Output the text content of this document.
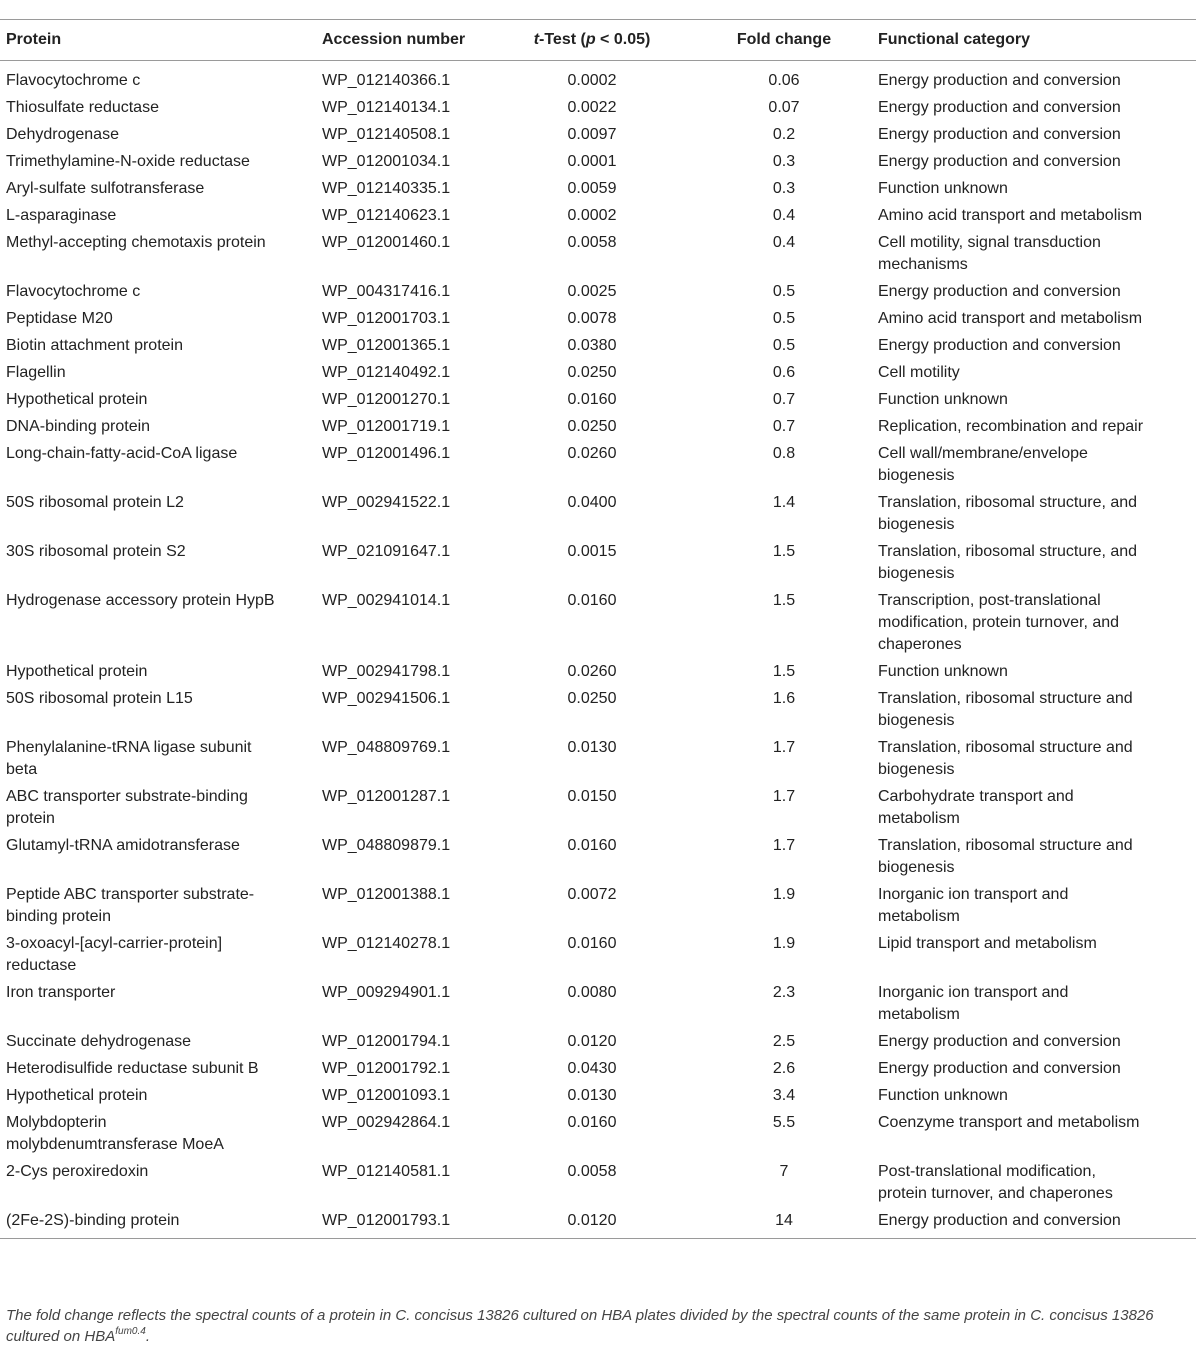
Protein	Accession number	t-Test (p < 0.05)	Fold change	Functional category
Flavocytochrome c	WP_012140366.1	0.0002	0.06	Energy production and conversion
Thiosulfate reductase	WP_012140134.1	0.0022	0.07	Energy production and conversion
Dehydrogenase	WP_012140508.1	0.0097	0.2	Energy production and conversion
Trimethylamine-N-oxide reductase	WP_012001034.1	0.0001	0.3	Energy production and conversion
Aryl-sulfate sulfotransferase	WP_012140335.1	0.0059	0.3	Function unknown
L-asparaginase	WP_012140623.1	0.0002	0.4	Amino acid transport and metabolism
Methyl-accepting chemotaxis protein	WP_012001460.1	0.0058	0.4	Cell motility, signal transduction mechanisms
Flavocytochrome c	WP_004317416.1	0.0025	0.5	Energy production and conversion
Peptidase M20	WP_012001703.1	0.0078	0.5	Amino acid transport and metabolism
Biotin attachment protein	WP_012001365.1	0.0380	0.5	Energy production and conversion
Flagellin	WP_012140492.1	0.0250	0.6	Cell motility
Hypothetical protein	WP_012001270.1	0.0160	0.7	Function unknown
DNA-binding protein	WP_012001719.1	0.0250	0.7	Replication, recombination and repair
Long-chain-fatty-acid-CoA ligase	WP_012001496.1	0.0260	0.8	Cell wall/membrane/envelope biogenesis
50S ribosomal protein L2	WP_002941522.1	0.0400	1.4	Translation, ribosomal structure, and biogenesis
30S ribosomal protein S2	WP_021091647.1	0.0015	1.5	Translation, ribosomal structure, and biogenesis
Hydrogenase accessory protein HypB	WP_002941014.1	0.0160	1.5	Transcription, post-translational modification, protein turnover, and chaperones
Hypothetical protein	WP_002941798.1	0.0260	1.5	Function unknown
50S ribosomal protein L15	WP_002941506.1	0.0250	1.6	Translation, ribosomal structure and biogenesis
Phenylalanine-tRNA ligase subunit beta	WP_048809769.1	0.0130	1.7	Translation, ribosomal structure and biogenesis
ABC transporter substrate-binding protein	WP_012001287.1	0.0150	1.7	Carbohydrate transport and metabolism
Glutamyl-tRNA amidotransferase	WP_048809879.1	0.0160	1.7	Translation, ribosomal structure and biogenesis
Peptide ABC transporter substrate-binding protein	WP_012001388.1	0.0072	1.9	Inorganic ion transport and metabolism
3-oxoacyl-[acyl-carrier-protein] reductase	WP_012140278.1	0.0160	1.9	Lipid transport and metabolism
Iron transporter	WP_009294901.1	0.0080	2.3	Inorganic ion transport and metabolism
Succinate dehydrogenase	WP_012001794.1	0.0120	2.5	Energy production and conversion
Heterodisulfide reductase subunit B	WP_012001792.1	0.0430	2.6	Energy production and conversion
Hypothetical protein	WP_012001093.1	0.0130	3.4	Function unknown
Molybdopterin molybdenumtransferase MoeA	WP_002942864.1	0.0160	5.5	Coenzyme transport and metabolism
2-Cys peroxiredoxin	WP_012140581.1	0.0058	7	Post-translational modification, protein turnover, and chaperones
(2Fe-2S)-binding protein	WP_012001793.1	0.0120	14	Energy production and conversion
The fold change reflects the spectral counts of a protein in C. concisus 13826 cultured on HBA plates divided by the spectral counts of the same protein in C. concisus 13826 cultured on $HBA^{fum0.4}$.
